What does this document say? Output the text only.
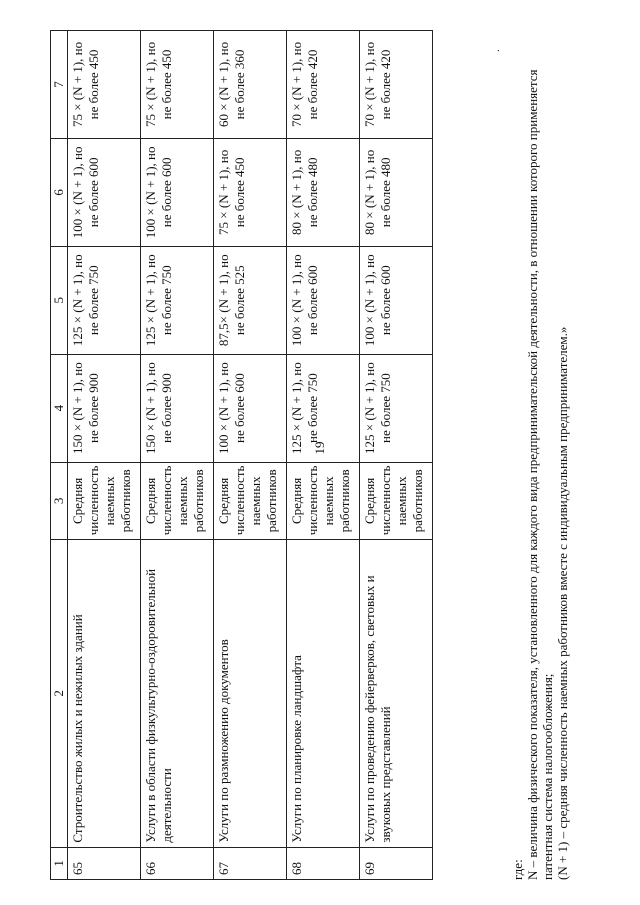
19
1	2	3	4	5	6	7
65	Строительство жилых и нежилых зданий	Средняя численность наемных работников	150 × (N + 1), но не более 900	125 × (N + 1), но не более 750	100 × (N + 1), но не более 600	75 × (N + 1), но не более 450
66	Услуги в области физкультурно-оздоровительной деятельности	Средняя численность наемных работников	150 × (N + 1), но не более 900	125 × (N + 1), но не более 750	100 × (N + 1), но не более 600	75 × (N + 1), но не более 450
67	Услуги по размножению документов	Средняя численность наемных работников	100 × (N + 1), но не более 600	87,5× (N + 1), но не более 525	75 × (N + 1), но не более 450	60 × (N + 1), но не более 360
68	Услуги по планировке ландшафта	Средняя численность наемных работников	125 × (N + 1), но не более 750	100 × (N + 1), но не более 600	80 × (N + 1), но не более 480	70 × (N + 1), но не более 420
69	Услуги по проведению фейерверков, световых и звуковых представлений	Средняя численность наемных работников	125 × (N + 1), но не более 750	100 × (N + 1), но не более 600	80 × (N + 1), но не более 480	70 × (N + 1), но не более 420	.

где: N – величина физического показателя, установленного для каждого вида предпринимательской деятельности, в отношении которого применяется патентная система налогообложения; (N + 1) – средняя численность наемных работников вместе с индивидуальным предпринимателем.»
